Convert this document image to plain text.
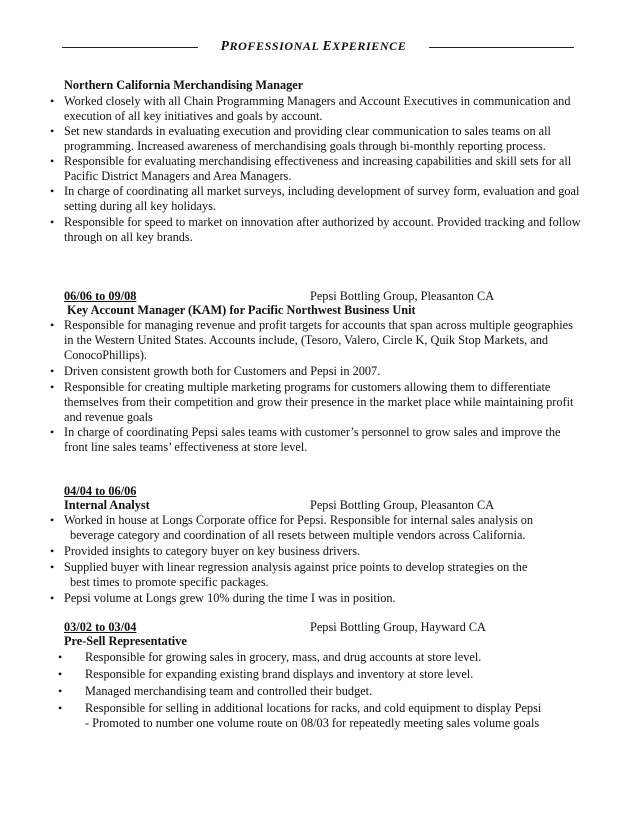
PROFESSIONAL EXPERIENCE
Northern California Merchandising Manager
• Worked closely with all Chain Programming Managers and Account Executives in communication and
execution of all key initiatives and goals by account.
• Set new standards in evaluating execution and providing clear communication to sales teams on all
programming. Increased awareness of merchandising goals through bi-monthly reporting process.
• Responsible for evaluating merchandising effectiveness and increasing capabilities and skill sets for all
Pacific District Managers and Area Managers.
• In charge of coordinating all market surveys, including development of survey form, evaluation and goal
setting during all key holidays.
• Responsible for speed to market on innovation after authorized by account. Provided tracking and follow
through on all key brands.
06/06 to 09/08	Pepsi Bottling Group, Pleasanton CA
Key Account Manager (KAM) for Pacific Northwest Business Unit
• Responsible for managing revenue and profit targets for accounts that span across multiple geographies
in the Western United States. Accounts include, (Tesoro, Valero, Circle K, Quik Stop Markets, and
ConocoPhillips).
• Driven consistent growth both for Customers and Pepsi in 2007.
• Responsible for creating multiple marketing programs for customers allowing them to differentiate
themselves from their competition and grow their presence in the market place while maintaining profit
and revenue goals
• In charge of coordinating Pepsi sales teams with customer’s personnel to grow sales and improve the
front line sales teams’ effectiveness at store level.
04/04 to 06/06
Pepsi Bottling Group, Pleasanton CA
Internal Analyst
• Worked in house at Longs Corporate office for Pepsi. Responsible for internal sales analysis on
beverage category and coordination of all resets between multiple vendors across California.
• Provided insights to category buyer on key business drivers.
• Supplied buyer with linear regression analysis against price points to develop strategies on the
best times to promote specific packages.
• Pepsi volume at Longs grew 10% during the time I was in position.
03/02 to 03/04	Pepsi Bottling Group, Hayward CA
Pre-Sell Representative
• Responsible for growing sales in grocery, mass, and drug accounts at store level.
• Responsible for expanding existing brand displays and inventory at store level.
• Managed merchandising team and controlled their budget.
• Responsible for selling in additional locations for racks, and cold equipment to display Pepsi
- Promoted to number one volume route on 08/03 for repeatedly meeting sales volume goals
